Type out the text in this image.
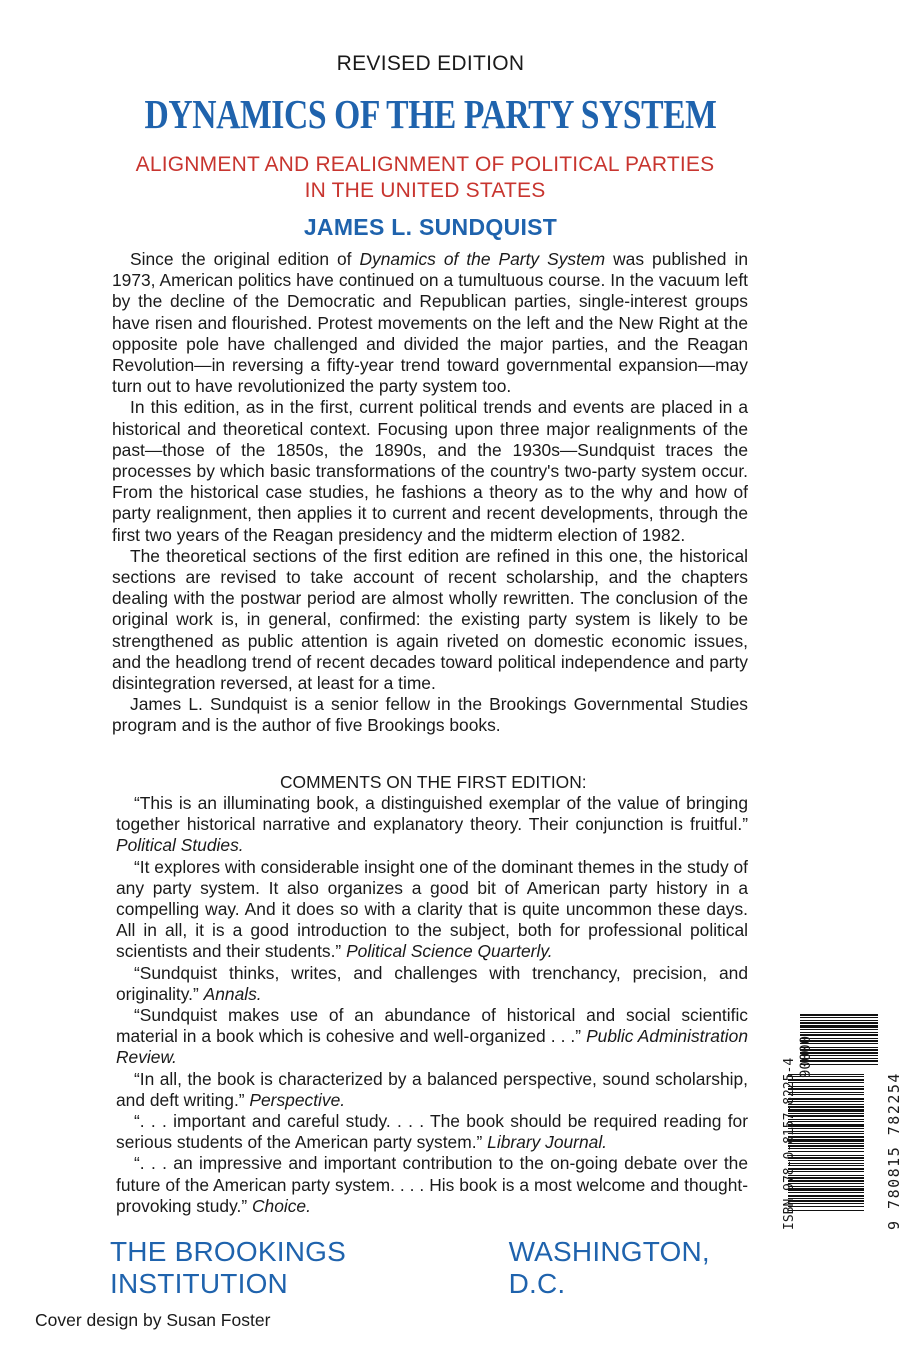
REVISED EDITION
DYNAMICS OF THE PARTY SYSTEM
ALIGNMENT AND REALIGNMENT OF POLITICAL PARTIES
IN THE UNITED STATES
JAMES L. SUNDQUIST

Since the original edition of Dynamics of the Party System was published in 1973, American politics have continued on a tumultuous course. In the vacuum left by the decline of the Democratic and Republican parties, single-interest groups have risen and flourished. Protest movements on the left and the New Right at the opposite pole have challenged and divided the major parties, and the Reagan Revolution—in reversing a fifty-year trend toward governmental expansion—may turn out to have revolutionized the party system too.

In this edition, as in the first, current political trends and events are placed in a historical and theoretical context. Focusing upon three major realignments of the past—those of the 1850s, the 1890s, and the 1930s—Sundquist traces the processes by which basic transformations of the country's two-party system occur. From the historical case studies, he fashions a theory as to the why and how of party realignment, then applies it to current and recent developments, through the first two years of the Reagan presidency and the midterm election of 1982.

The theoretical sections of the first edition are refined in this one, the historical sections are revised to take account of recent scholarship, and the chapters dealing with the postwar period are almost wholly rewritten. The conclusion of the original work is, in general, confirmed: the existing party system is likely to be strengthened as public attention is again riveted on domestic economic issues, and the headlong trend of recent decades toward political independence and party disintegration reversed, at least for a time.

James L. Sundquist is a senior fellow in the Brookings Governmental Studies program and is the author of five Brookings books.

COMMENTS ON THE FIRST EDITION:

“This is an illuminating book, a distinguished exemplar of the value of bringing together historical narrative and explanatory theory. Their conjunction is fruitful.” Political Studies.

“It explores with considerable insight one of the dominant themes in the study of any party system. It also organizes a good bit of American party history in a compelling way. And it does so with a clarity that is quite uncommon these days. All in all, it is a good introduction to the subject, both for professional political scientists and their students.” Political Science Quarterly.

“Sundquist thinks, writes, and challenges with trenchancy, precision, and originality.” Annals.

“Sundquist makes use of an abundance of historical and social scientific material in a book which is cohesive and well-organized . . .” Public Administration Review.

“In all, the book is characterized by a balanced perspective, sound scholarship, and deft writing.” Perspective.

“. . . important and careful study. . . . The book should be required reading for serious students of the American party system.” Library Journal.

“. . . an impressive and important contribution to the on-going debate over the future of the American party system. . . . His book is a most welcome and thought-provoking study.” Choice.

THE BROOKINGS INSTITUTION
WASHINGTON, D.C.
Cover design by Susan Foster
ISBN 978-0-8157-8225-4
90000
9 780815 782254
